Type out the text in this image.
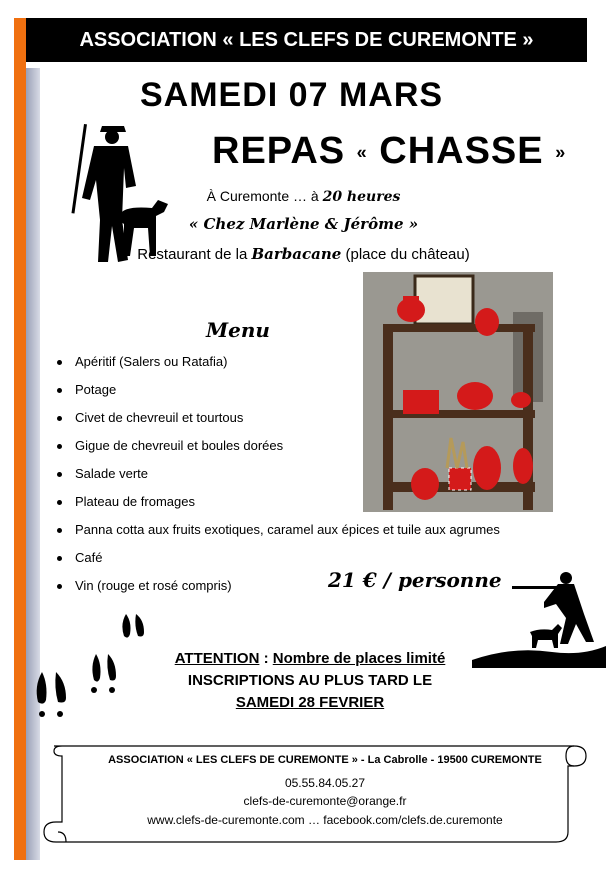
ASSOCIATION « LES CLEFS DE CUREMONTE »
SAMEDI 07 MARS
REPAS « CHASSE »
À Curemonte … à 20 heures
« Chez Marlène & Jérôme »
Restaurant de la Barbacane (place du château)
Menu
Apéritif (Salers ou Ratafia)
Potage
Civet de chevreuil et tourtous
Gigue de chevreuil et boules dorées
Salade verte
Plateau de fromages
Panna cotta aux fruits exotiques, caramel aux épices et tuile aux agrumes
Café
Vin (rouge et rosé compris)	21 € / personne
ATTENTION : Nombre de places limité
INSCRIPTIONS AU PLUS TARD LE
SAMEDI 28 FEVRIER
ASSOCIATION « LES CLEFS DE CUREMONTE » - La Cabrolle - 19500 CUREMONTE
05.55.84.05.27
clefs-de-curemonte@orange.fr
www.clefs-de-curemonte.com … facebook.com/clefs.de.curemonte
